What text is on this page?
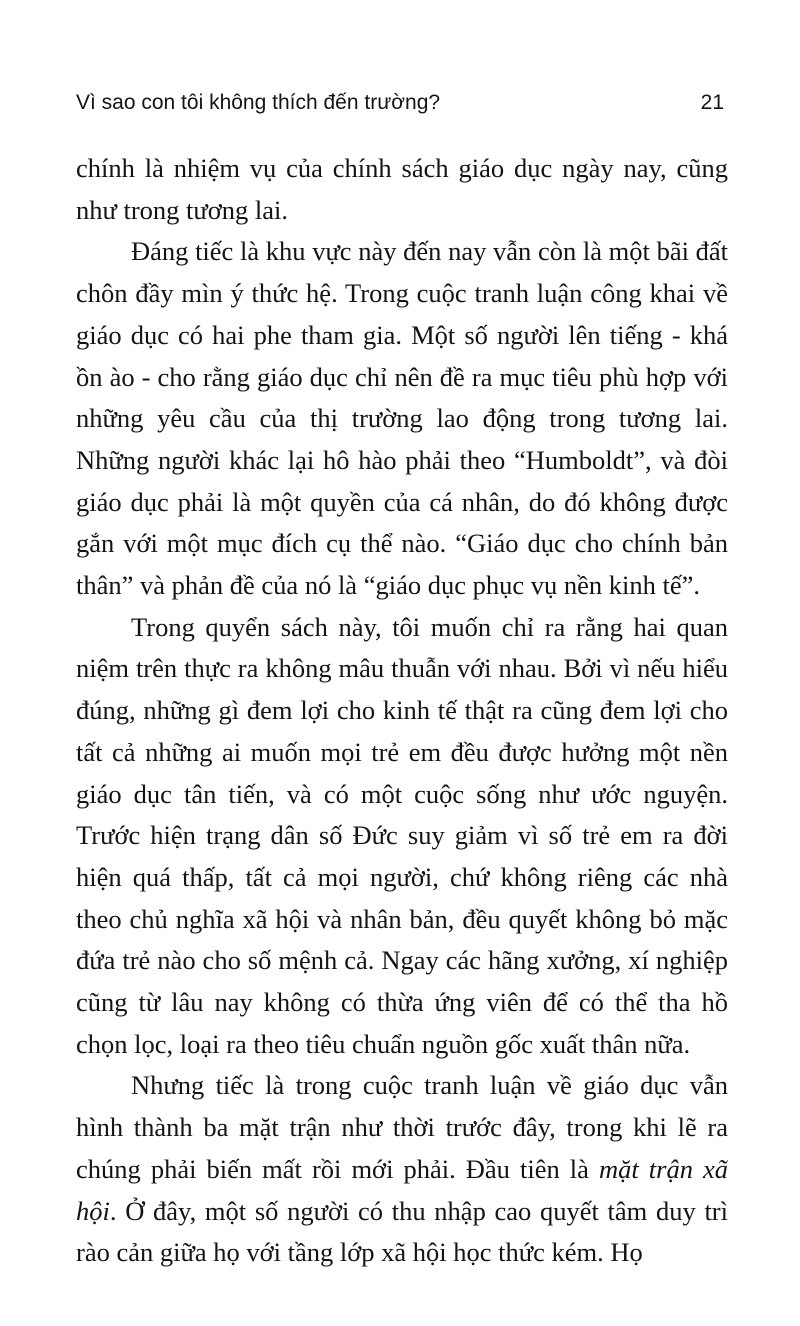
Vì sao con tôi không thích đến trường?	21

chính là nhiệm vụ của chính sách giáo dục ngày nay, cũng như trong tương lai.

Đáng tiếc là khu vực này đến nay vẫn còn là một bãi đất chôn đầy mìn ý thức hệ. Trong cuộc tranh luận công khai về giáo dục có hai phe tham gia. Một số người lên tiếng - khá ồn ào - cho rằng giáo dục chỉ nên đề ra mục tiêu phù hợp với những yêu cầu của thị trường lao động trong tương lai. Những người khác lại hô hào phải theo “Humboldt”, và đòi giáo dục phải là một quyền của cá nhân, do đó không được gắn với một mục đích cụ thể nào. “Giáo dục cho chính bản thân” và phản đề của nó là “giáo dục phục vụ nền kinh tế”.

Trong quyển sách này, tôi muốn chỉ ra rằng hai quan niệm trên thực ra không mâu thuẫn với nhau. Bởi vì nếu hiểu đúng, những gì đem lợi cho kinh tế thật ra cũng đem lợi cho tất cả những ai muốn mọi trẻ em đều được hưởng một nền giáo dục tân tiến, và có một cuộc sống như ước nguyện. Trước hiện trạng dân số Đức suy giảm vì số trẻ em ra đời hiện quá thấp, tất cả mọi người, chứ không riêng các nhà theo chủ nghĩa xã hội và nhân bản, đều quyết không bỏ mặc đứa trẻ nào cho số mệnh cả. Ngay các hãng xưởng, xí nghiệp cũng từ lâu nay không có thừa ứng viên để có thể tha hồ chọn lọc, loại ra theo tiêu chuẩn nguồn gốc xuất thân nữa.

Nhưng tiếc là trong cuộc tranh luận về giáo dục vẫn hình thành ba mặt trận như thời trước đây, trong khi lẽ ra chúng phải biến mất rồi mới phải. Đầu tiên là mặt trận xã hội. Ở đây, một số người có thu nhập cao quyết tâm duy trì rào cản giữa họ với tầng lớp xã hội học thức kém. Họ
